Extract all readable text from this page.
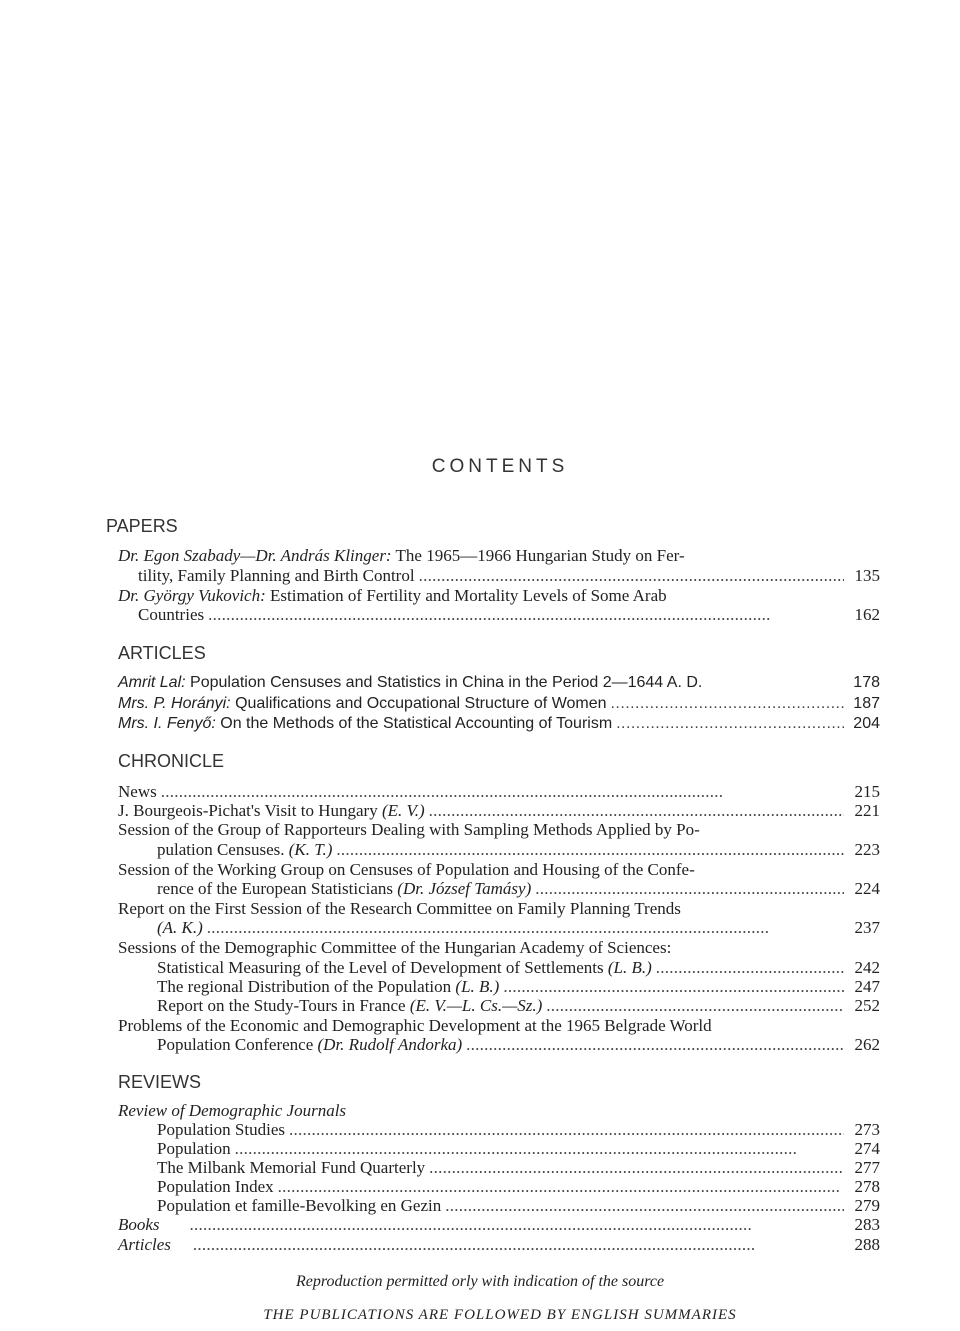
CONTENTS
PAPERS
Dr. Egon Szabady—Dr. András Klinger: The 1965—1966 Hungarian Study on Fer-
tility, Family Planning and Birth Control . . .	135
Dr. György Vukovich: Estimation of Fertility and Mortality Levels of Some Arab
Countries . . .	162
ARTICLES
Amrit Lal: Population Censuses and Statistics in China in the Period 2—1644 A. D.	178
Mrs. P. Horányi: Qualifications and Occupational Structure of Women . . .	187
Mrs. I. Fenyő: On the Methods of the Statistical Accounting of Tourism . . .	204
CHRONICLE
News . . .	215
J. Bourgeois-Pichat's Visit to Hungary (E. V.) . . .	221
Session of the Group of Rapporteurs Dealing with Sampling Methods Applied by Po-
pulation Censuses. (K. T.) . . .	223
Session of the Working Group on Censuses of Population and Housing of the Confe-
rence of the European Statisticians (Dr. József Tamásy) . . .	224
Report on the First Session of the Research Committee on Family Planning Trends
(A. K.) . . .	237
Sessions of the Demographic Committee of the Hungarian Academy of Sciences:
Statistical Measuring of the Level of Development of Settlements (L. B.) . . .	242
The regional Distribution of the Population (L. B.) . . .	247
Report on the Study-Tours in France (E. V.—L. Cs.—Sz.) . . .	252
Problems of the Economic and Demographic Development at the 1965 Belgrade World
Population Conference (Dr. Rudolf Andorka) . . .	262
REVIEWS
Review of Demographic Journals
Population Studies . . .	273
Population . . .	274
The Milbank Memorial Fund Quarterly . . .	277
Population Index . . .	278
Population et famille-Bevolking en Gezin . . .	279
Books . . .	283
Articles . . .	288
Reproduction permitted orly with indication of the source
THE PUBLICATIONS ARE FOLLOWED BY ENGLISH SUMMARIES
